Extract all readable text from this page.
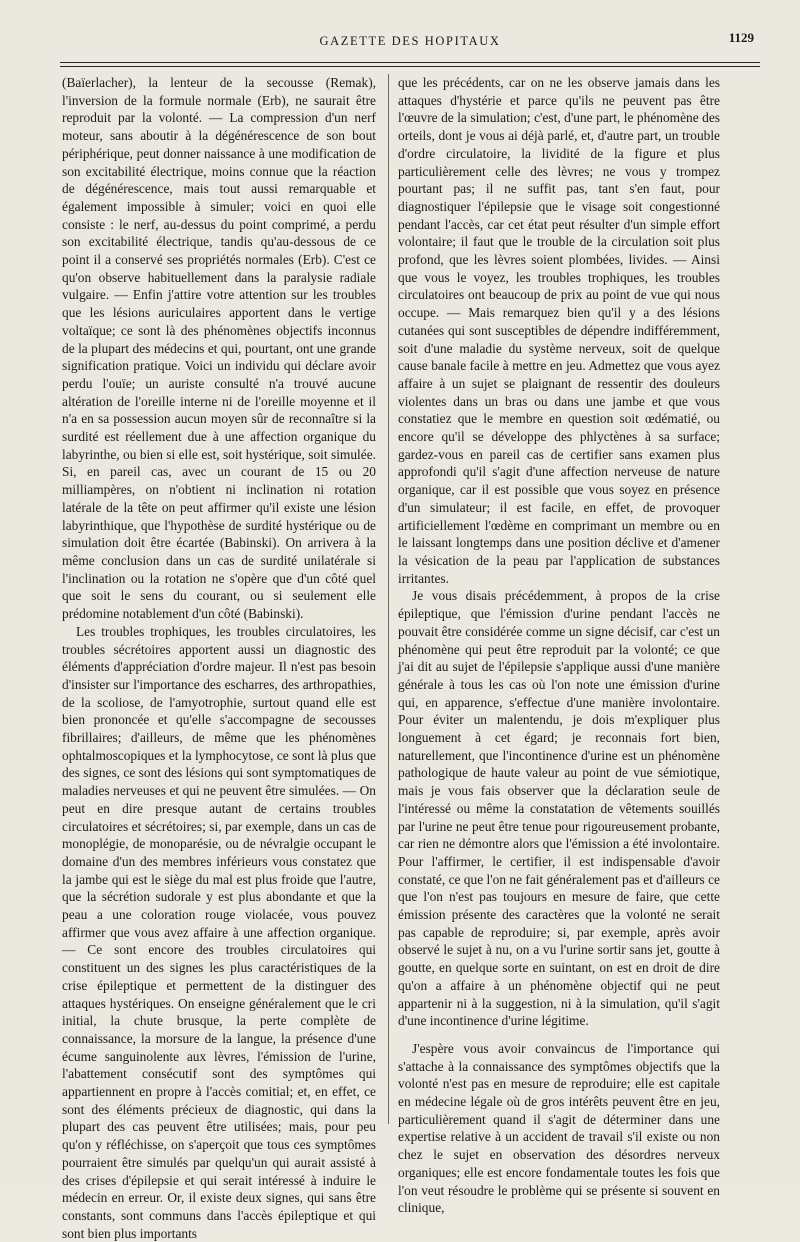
GAZETTE DES HOPITAUX	1129

(Baïerlacher), la lenteur de la secousse (Remak), l'inversion de la formule normale (Erb), ne saurait être reproduit par la volonté. — La compression d'un nerf moteur, sans aboutir à la dégénérescence de son bout périphérique, peut donner naissance à une modification de son excitabilité électrique, moins connue que la réaction de dégénérescence, mais tout aussi remarquable et également impossible à simuler; voici en quoi elle consiste : le nerf, au-dessus du point comprimé, a perdu son excitabilité électrique, tandis qu'au-dessous de ce point il a conservé ses propriétés normales (Erb). C'est ce qu'on observe habituellement dans la paralysie radiale vulgaire. — Enfin j'attire votre attention sur les troubles que les lésions auriculaires apportent dans le vertige voltaïque; ce sont là des phénomènes objectifs inconnus de la plupart des médecins et qui, pourtant, ont une grande signification pratique. Voici un individu qui déclare avoir perdu l'ouïe; un auriste consulté n'a trouvé aucune altération de l'oreille interne ni de l'oreille moyenne et il n'a en sa possession aucun moyen sûr de reconnaître si la surdité est réellement due à une affection organique du labyrinthe, ou bien si elle est, soit hystérique, soit simulée. Si, en pareil cas, avec un courant de 15 ou 20 milliampères, on n'obtient ni inclination ni rotation latérale de la tête on peut affirmer qu'il existe une lésion labyrinthique, que l'hypothèse de surdité hystérique ou de simulation doit être écartée (Babinski). On arrivera à la même conclusion dans un cas de surdité unilatérale si l'inclination ou la rotation ne s'opère que d'un côté quel que soit le sens du courant, ou si seulement elle prédomine notablement d'un côté (Babinski).

Les troubles trophiques, les troubles circulatoires, les troubles sécrétoires apportent aussi un diagnostic des éléments d'appréciation d'ordre majeur. Il n'est pas besoin d'insister sur l'importance des escharres, des arthropathies, de la scoliose, de l'amyotrophie, surtout quand elle est bien prononcée et qu'elle s'accompagne de secousses fibrillaires; d'ailleurs, de même que les phénomènes ophtalmoscopiques et la lymphocytose, ce sont là plus que des signes, ce sont des lésions qui sont symptomatiques de maladies nerveuses et qui ne peuvent être simulées. — On peut en dire presque autant de certains troubles circulatoires et sécrétoires; si, par exemple, dans un cas de monoplégie, de monoparésie, ou de névralgie occupant le domaine d'un des membres inférieurs vous constatez que la jambe qui est le siège du mal est plus froide que l'autre, que la sécrétion sudorale y est plus abondante et que la peau a une coloration rouge violacée, vous pouvez affirmer que vous avez affaire à une affection organique. — Ce sont encore des troubles circulatoires qui constituent un des signes les plus caractéristiques de la crise épileptique et permettent de la distinguer des attaques hystériques. On enseigne généralement que le cri initial, la chute brusque, la perte complète de connaissance, la morsure de la langue, la présence d'une écume sanguinolente aux lèvres, l'émission de l'urine, l'abattement consécutif sont des symptômes qui appartiennent en propre à l'accès comitial; et, en effet, ce sont des éléments précieux de diagnostic, qui dans la plupart des cas peuvent être utilisées; mais, pour peu qu'on y réfléchisse, on s'aperçoit que tous ces symptômes pourraient être simulés par quelqu'un qui aurait assisté à des crises d'épilepsie et qui serait intéressé à induire le médecin en erreur. Or, il existe deux signes, qui sans être constants, sont communs dans l'accès épileptique et qui sont bien plus importants

que les précédents, car on ne les observe jamais dans les attaques d'hystérie et parce qu'ils ne peuvent pas être l'œuvre de la simulation; c'est, d'une part, le phénomène des orteils, dont je vous ai déjà parlé, et, d'autre part, un trouble d'ordre circulatoire, la lividité de la figure et plus particulièrement celle des lèvres; ne vous y trompez pourtant pas; il ne suffit pas, tant s'en faut, pour diagnostiquer l'épilepsie que le visage soit congestionné pendant l'accès, car cet état peut résulter d'un simple effort volontaire; il faut que le trouble de la circulation soit plus profond, que les lèvres soient plombées, livides. — Ainsi que vous le voyez, les troubles trophiques, les troubles circulatoires ont beaucoup de prix au point de vue qui nous occupe. — Mais remarquez bien qu'il y a des lésions cutanées qui sont susceptibles de dépendre indifféremment, soit d'une maladie du système nerveux, soit de quelque cause banale facile à mettre en jeu. Admettez que vous ayez affaire à un sujet se plaignant de ressentir des douleurs violentes dans un bras ou dans une jambe et que vous constatiez que le membre en question soit œdématié, ou encore qu'il se développe des phlyctènes à sa surface; gardez-vous en pareil cas de certifier sans examen plus approfondi qu'il s'agit d'une affection nerveuse de nature organique, car il est possible que vous soyez en présence d'un simulateur; il est facile, en effet, de provoquer artificiellement l'œdème en comprimant un membre ou en le laissant longtemps dans une position déclive et d'amener la vésication de la peau par l'application de substances irritantes.

Je vous disais précédemment, à propos de la crise épileptique, que l'émission d'urine pendant l'accès ne pouvait être considérée comme un signe décisif, car c'est un phénomène qui peut être reproduit par la volonté; ce que j'ai dit au sujet de l'épilepsie s'applique aussi d'une manière générale à tous les cas où l'on note une émission d'urine qui, en apparence, s'effectue d'une manière involontaire. Pour éviter un malentendu, je dois m'expliquer plus longuement à cet égard; je reconnais fort bien, naturellement, que l'incontinence d'urine est un phénomène pathologique de haute valeur au point de vue sémiotique, mais je vous fais observer que la déclaration seule de l'intéressé ou même la constatation de vêtements souillés par l'urine ne peut être tenue pour rigoureusement probante, car rien ne démontre alors que l'émission a été involontaire. Pour l'affirmer, le certifier, il est indispensable d'avoir constaté, ce que l'on ne fait généralement pas et d'ailleurs ce que l'on n'est pas toujours en mesure de faire, que cette émission présente des caractères que la volonté ne serait pas capable de reproduire; si, par exemple, après avoir observé le sujet à nu, on a vu l'urine sortir sans jet, goutte à goutte, en quelque sorte en suintant, on est en droit de dire qu'on a affaire à un phénomène objectif qui ne peut appartenir ni à la suggestion, ni à la simulation, qu'il s'agit d'une incontinence d'urine légitime.

J'espère vous avoir convaincus de l'importance qui s'attache à la connaissance des symptômes objectifs que la volonté n'est pas en mesure de reproduire; elle est capitale en médecine légale où de gros intérêts peuvent être en jeu, particulièrement quand il s'agit de déterminer dans une expertise relative à un accident de travail s'il existe ou non chez le sujet en observation des désordres nerveux organiques; elle est encore fondamentale toutes les fois que l'on veut résoudre le problème qui se présente si souvent en clinique,
